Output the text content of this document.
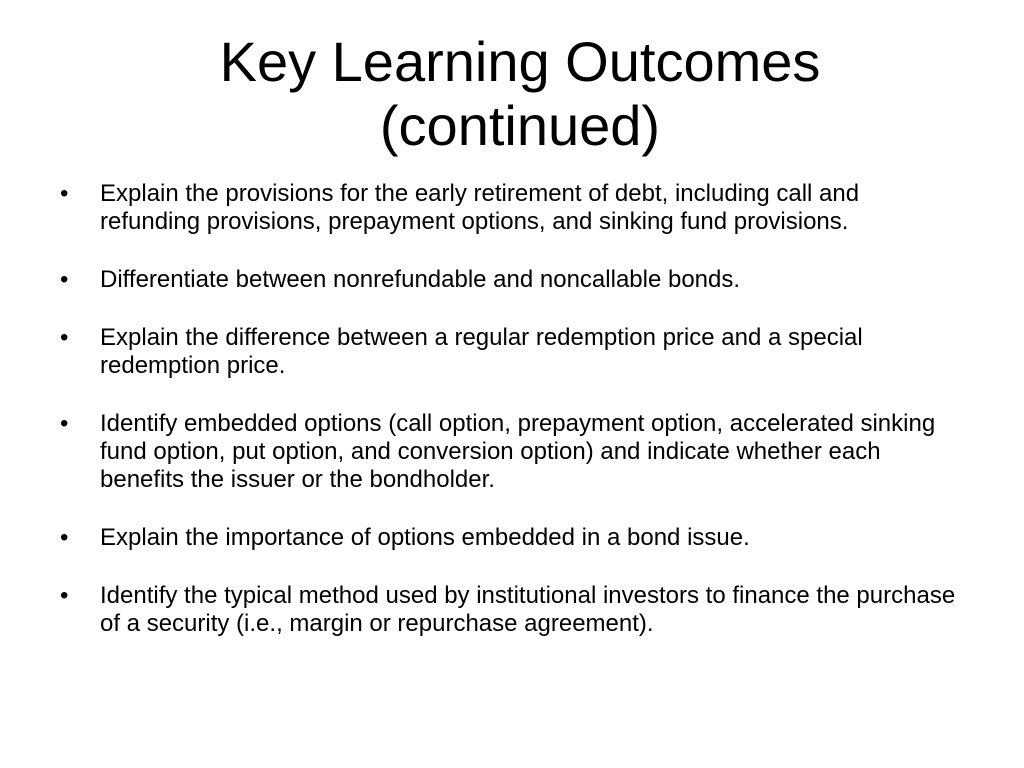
Key Learning Outcomes
(continued)
•	Explain the provisions for the early retirement of debt, including call and refunding provisions, prepayment options, and sinking fund provisions.
•	Differentiate between nonrefundable and noncallable bonds.
•	Explain the difference between a regular redemption price and a special redemption price.
•	Identify embedded options (call option, prepayment option, accelerated sinking fund option, put option, and conversion option) and indicate whether each benefits the issuer or the bondholder.
•	Explain the importance of options embedded in a bond issue.
•	Identify the typical method used by institutional investors to finance the purchase of a security (i.e., margin or repurchase agreement).
